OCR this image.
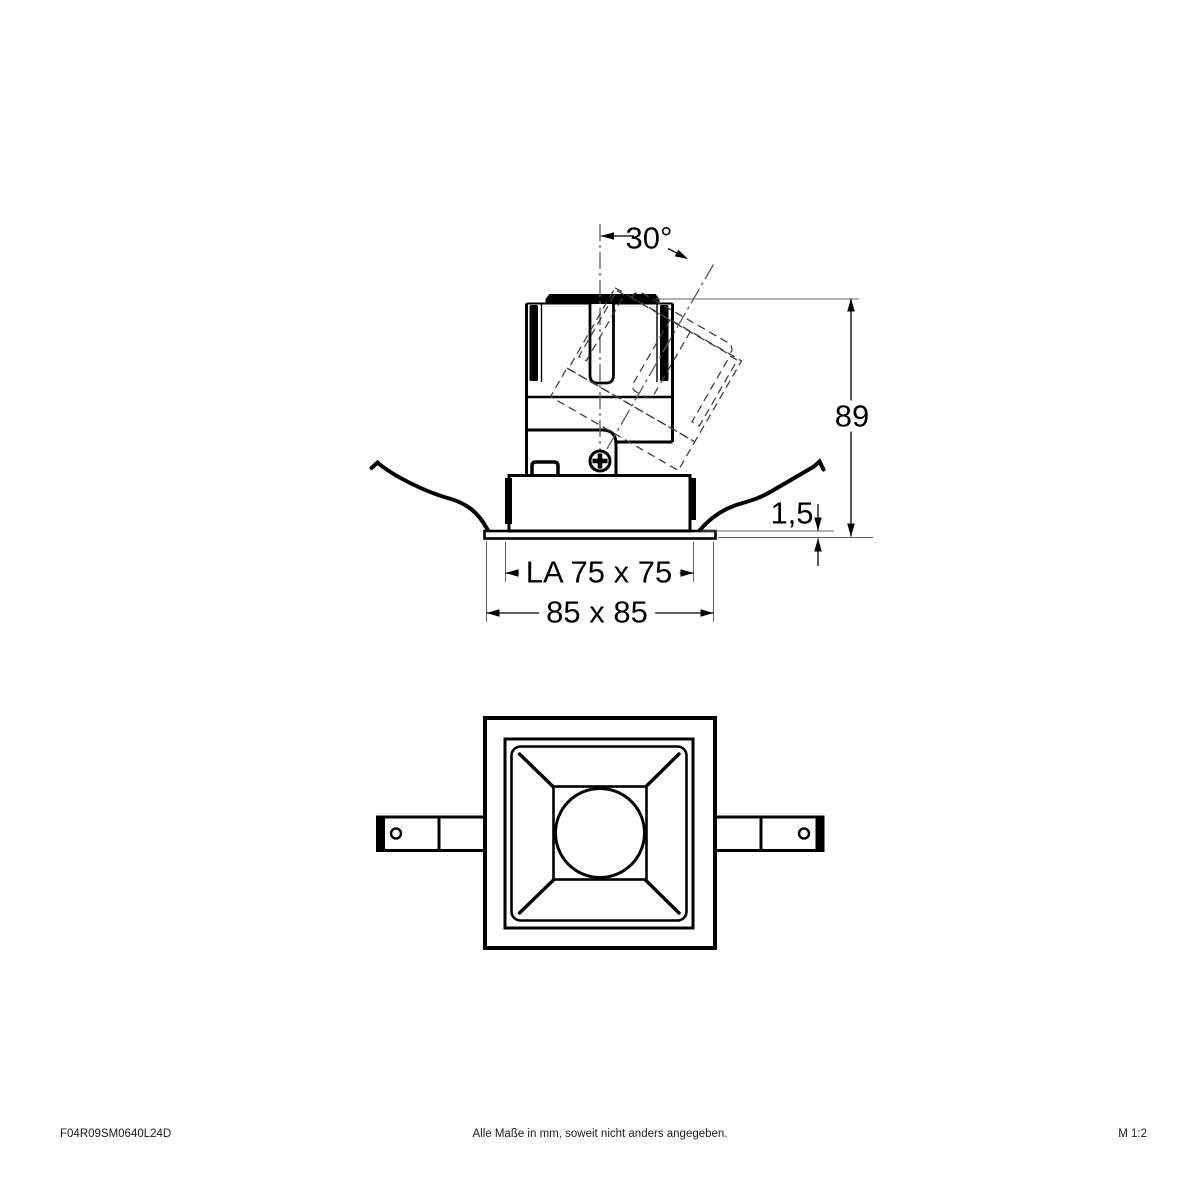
30°
89
1,5
LA 75 x 75
85 x 85
F04R09SM0640L24D	Alle Maße in mm, soweit nicht anders angegeben.	M 1:2
